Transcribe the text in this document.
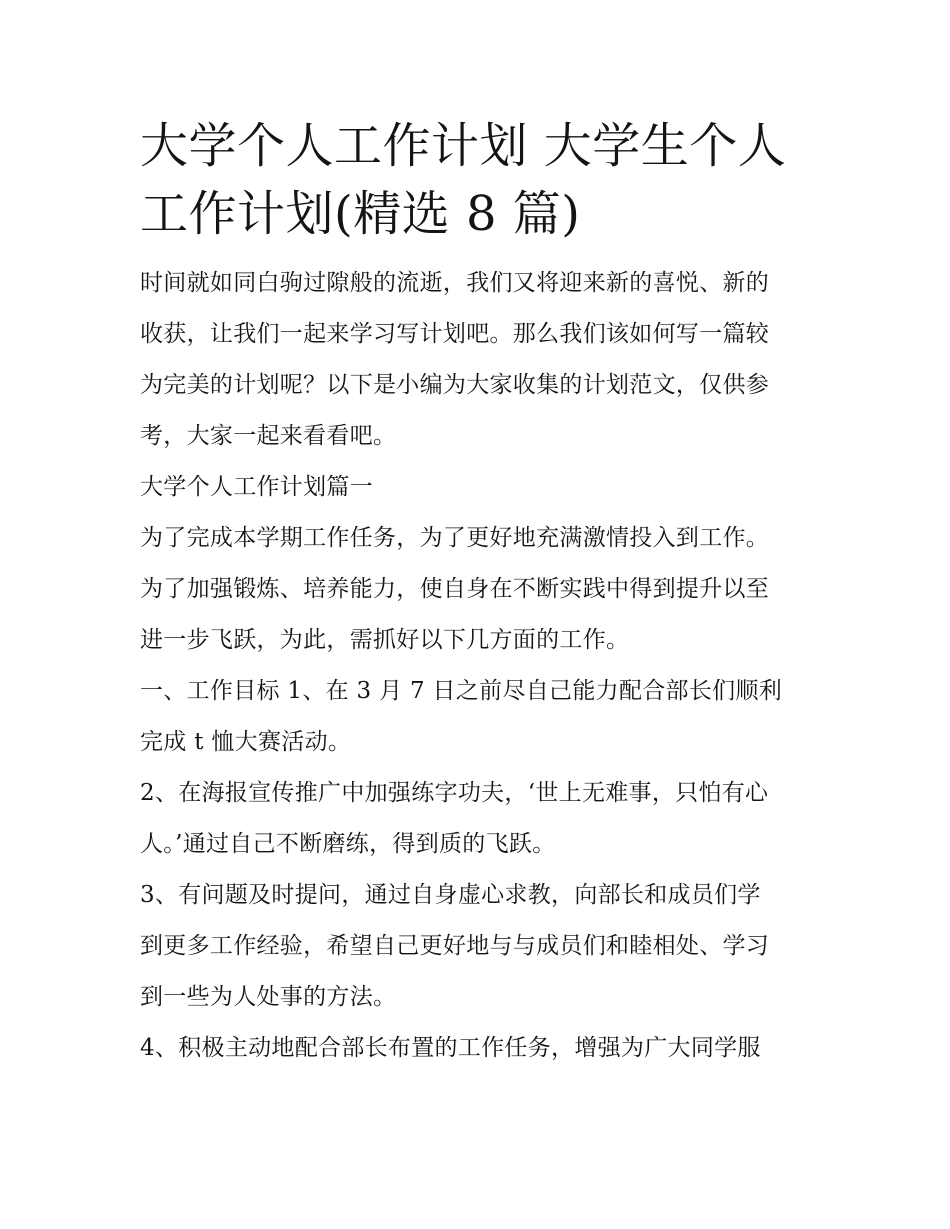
大学个人工作计划 大学生个人
工作计划(精选 8 篇)
时间就如同白驹过隙般的流逝，我们又将迎来新的喜悦、新的
收获，让我们一起来学习写计划吧。那么我们该如何写一篇较
为完美的计划呢？以下是小编为大家收集的计划范文，仅供参
考，大家一起来看看吧。
大学个人工作计划篇一
为了完成本学期工作任务，为了更好地充满激情投入到工作。
为了加强锻炼、培养能力，使自身在不断实践中得到提升以至
进一步飞跃，为此，需抓好以下几方面的工作。
一、工作目标 1、在 3 月 7 日之前尽自己能力配合部长们顺利
完成 t 恤大赛活动。
2、在海报宣传推广中加强练字功夫，‘世上无难事，只怕有心
人。’通过自己不断磨练，得到质的飞跃。
3、有问题及时提问，通过自身虚心求教，向部长和成员们学
到更多工作经验，希望自己更好地与与成员们和睦相处、学习
到一些为人处事的方法。
4、积极主动地配合部长布置的工作任务，增强为广大同学服
